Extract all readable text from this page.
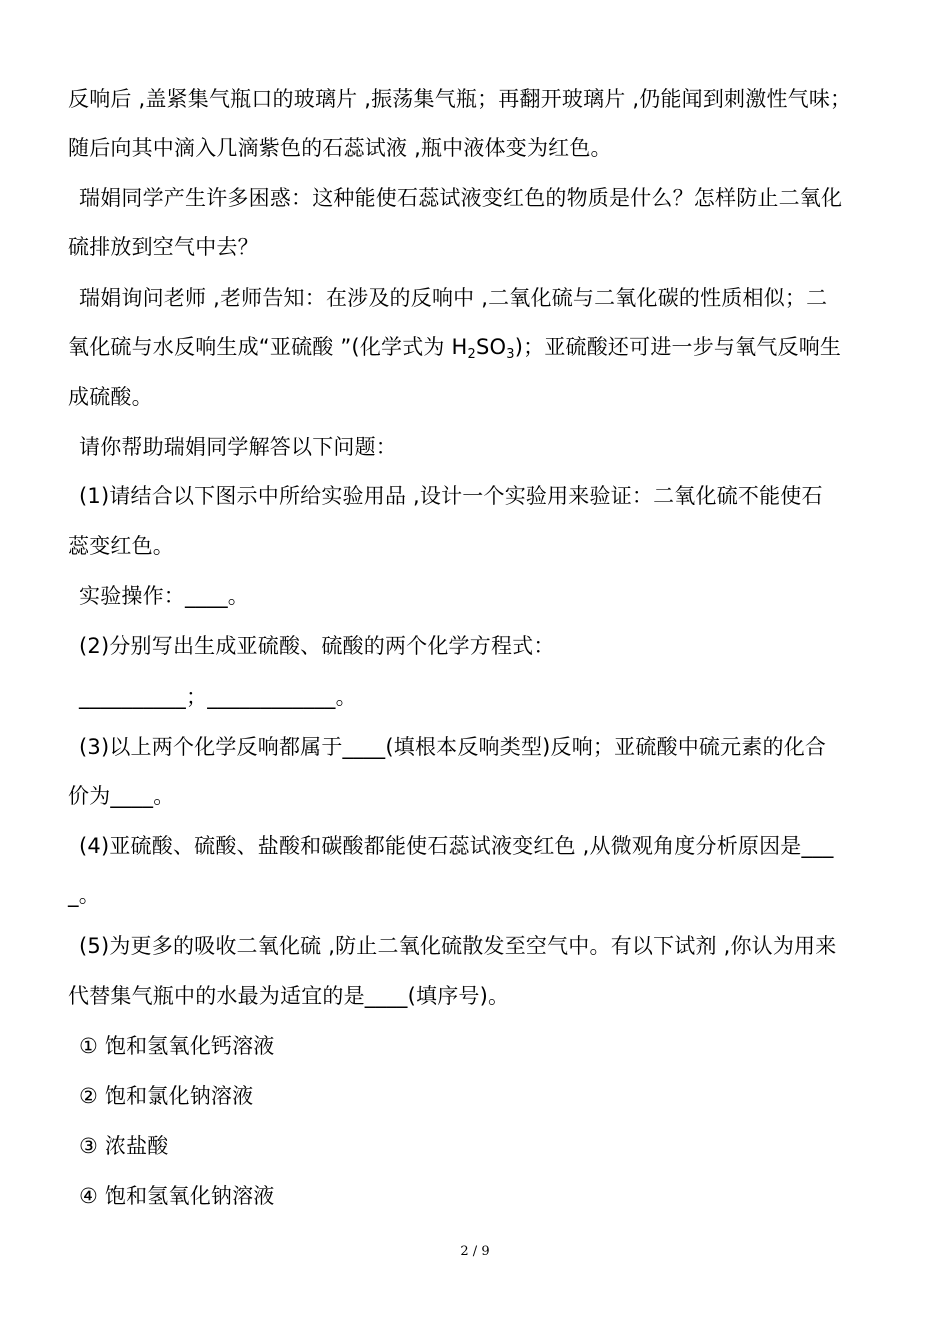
反响后 ,盖紧集气瓶口的玻璃片 ,振荡集气瓶；再翻开玻璃片 ,仍能闻到刺激性气味；
随后向其中滴入几滴紫色的石蕊试液 ,瓶中液体变为红色。
瑞娟同学产生许多困惑：这种能使石蕊试液变红色的物质是什么？怎样防止二氧化
硫排放到空气中去？
瑞娟询问老师 ,老师告知：在涉及的反响中 ,二氧化硫与二氧化碳的性质相似；二
氧化硫与水反响生成“亚硫酸 ”(化学式为 $H_2SO_3$)；亚硫酸还可进一步与氧气反响生
成硫酸。
请你帮助瑞娟同学解答以下问题：
(1)请结合以下图示中所给实验用品 ,设计一个实验用来验证：二氧化硫不能使石
蕊变红色。
实验操作：____。
(2)分别写出生成亚硫酸、硫酸的两个化学方程式：
__________；____________。
(3)以上两个化学反响都属于____(填根本反响类型)反响；亚硫酸中硫元素的化合
价为____。
(4)亚硫酸、硫酸、盐酸和碳酸都能使石蕊试液变红色 ,从微观角度分析原因是___
_。
(5)为更多的吸收二氧化硫 ,防止二氧化硫散发至空气中。有以下试剂 ,你认为用来
代替集气瓶中的水最为适宜的是____(填序号)。
① 饱和氢氧化钙溶液
② 饱和氯化钠溶液
③ 浓盐酸
④ 饱和氢氧化钠溶液
2 / 9
